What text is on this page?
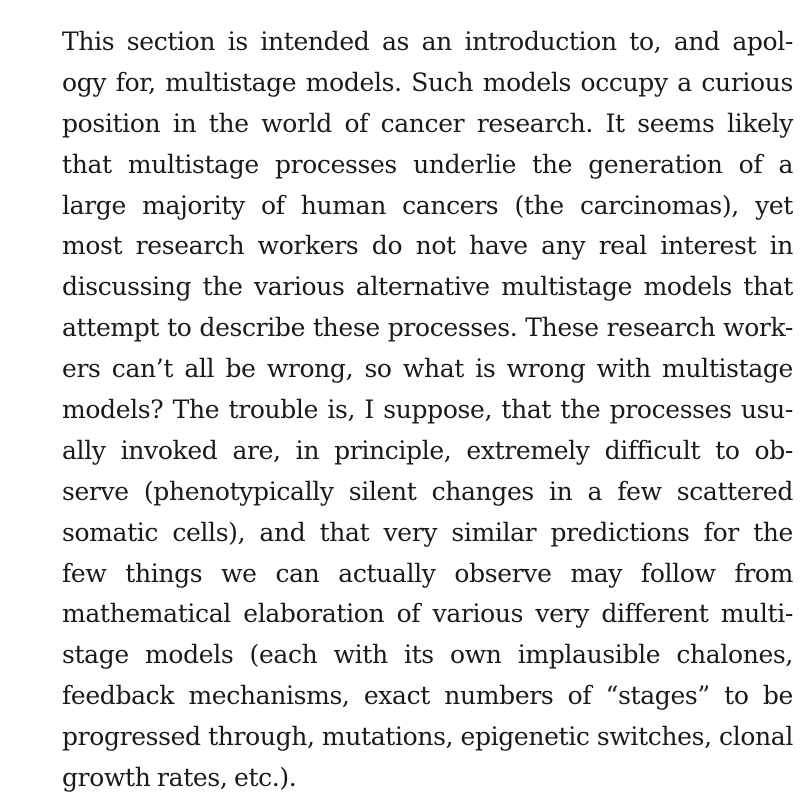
This section is intended as an introduction to, and apol-
ogy for, multistage models. Such models occupy a curious
position in the world of cancer research. It seems likely
that multistage processes underlie the generation of a
large majority of human cancers (the carcinomas), yet
most research workers do not have any real interest in
discussing the various alternative multistage models that
attempt to describe these processes. These research work-
ers can’t all be wrong, so what is wrong with multistage
models? The trouble is, I suppose, that the processes usu-
ally invoked are, in principle, extremely difficult to ob-
serve (phenotypically silent changes in a few scattered
somatic cells), and that very similar predictions for the
few things we can actually observe may follow from
mathematical elaboration of various very different multi-
stage models (each with its own implausible chalones,
feedback mechanisms, exact numbers of “stages” to be
progressed through, mutations, epigenetic switches, clonal
growth rates, etc.).
